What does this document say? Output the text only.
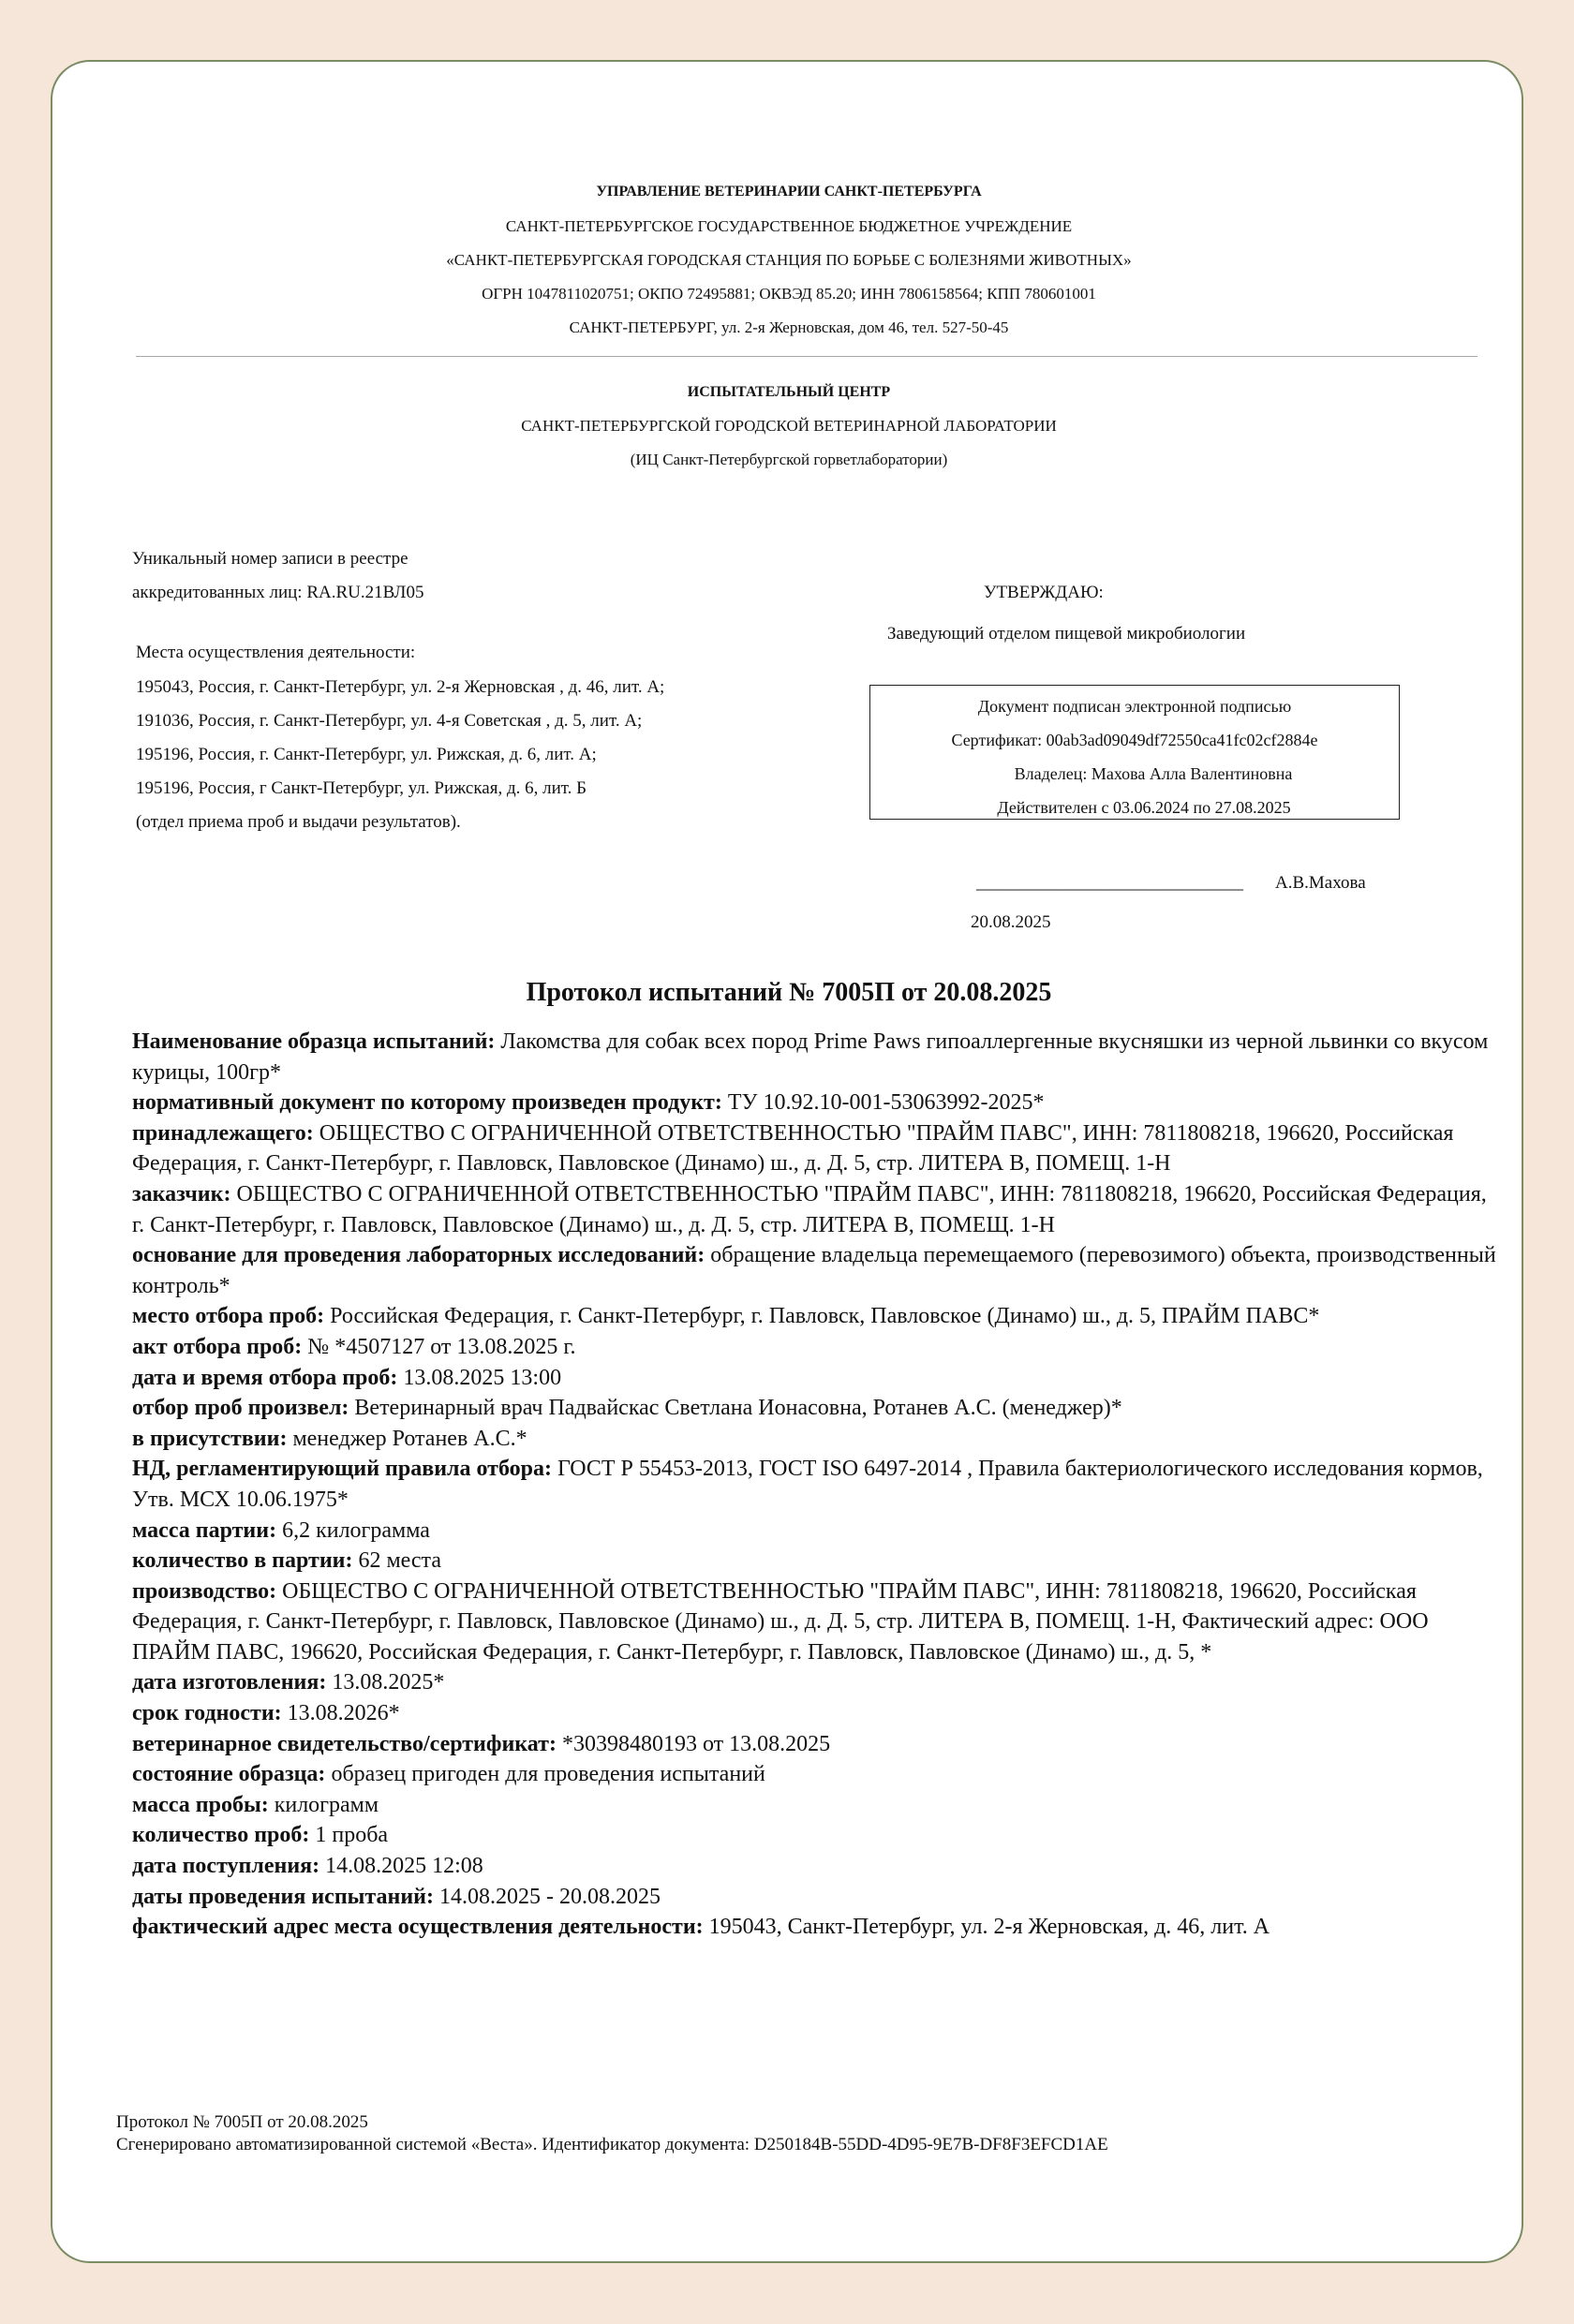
УПРАВЛЕНИЕ ВЕТЕРИНАРИИ САНКТ-ПЕТЕРБУРГА
САНКТ-ПЕТЕРБУРГСКОЕ ГОСУДАРСТВЕННОЕ БЮДЖЕТНОЕ УЧРЕЖДЕНИЕ
«САНКТ-ПЕТЕРБУРГСКАЯ ГОРОДСКАЯ СТАНЦИЯ ПО БОРЬБЕ С БОЛЕЗНЯМИ ЖИВОТНЫХ»
ОГРН 1047811020751; ОКПО 72495881; ОКВЭД 85.20; ИНН 7806158564; КПП 780601001
САНКТ-ПЕТЕРБУРГ, ул. 2-я Жерновская, дом 46, тел. 527-50-45
ИСПЫТАТЕЛЬНЫЙ ЦЕНТР
САНКТ-ПЕТЕРБУРГСКОЙ ГОРОДСКОЙ ВЕТЕРИНАРНОЙ ЛАБОРАТОРИИ
(ИЦ Санкт-Петербургской горветлаборатории)
Уникальный номер записи в реестре
аккредитованных лиц: RA.RU.21ВЛ05
Места осуществления деятельности:
195043, Россия, г. Санкт-Петербург, ул. 2-я Жерновская , д. 46, лит. А;
191036, Россия, г. Санкт-Петербург, ул. 4-я Советская , д. 5, лит. А;
195196, Россия, г. Санкт-Петербург, ул. Рижская, д. 6, лит. А;
195196, Россия, г Санкт-Петербург, ул. Рижская, д. 6, лит. Б
(отдел приема проб и выдачи результатов).
УТВЕРЖДАЮ:
Заведующий отделом пищевой микробиологии
Документ подписан электронной подписью
Сертификат: 00ab3ad09049df72550ca41fc02cf2884e
Владелец: Махова Алла Валентиновна
Действителен с 03.06.2024 по 27.08.2025
______________________________ А.В.Махова
20.08.2025
Протокол испытаний № 7005П от 20.08.2025

Наименование образца испытаний: Лакомства для собак всех пород Prime Paws гипоаллергенные вкусняшки из черной львинки со вкусом курицы, 100гр*

нормативный документ по которому произведен продукт: ТУ 10.92.10-001-53063992-2025*

принадлежащего: ОБЩЕСТВО С ОГРАНИЧЕННОЙ ОТВЕТСТВЕННОСТЬЮ "ПРАЙМ ПАВС", ИНН: 7811808218, 196620, Российская Федерация, г. Санкт-Петербург, г. Павловск, Павловское (Динамо) ш., д. Д. 5, стр. ЛИТЕРА В, ПОМЕЩ. 1-Н

заказчик: ОБЩЕСТВО С ОГРАНИЧЕННОЙ ОТВЕТСТВЕННОСТЬЮ "ПРАЙМ ПАВС", ИНН: 7811808218, 196620, Российская Федерация, г. Санкт-Петербург, г. Павловск, Павловское (Динамо) ш., д. Д. 5, стр. ЛИТЕРА В, ПОМЕЩ. 1-Н

основание для проведения лабораторных исследований: обращение владельца перемещаемого (перевозимого) объекта, производственный контроль*

место отбора проб: Российская Федерация, г. Санкт-Петербург, г. Павловск, Павловское (Динамо) ш., д. 5, ПРАЙМ ПАВС*

акт отбора проб: № *4507127 от 13.08.2025 г.

дата и время отбора проб: 13.08.2025 13:00

отбор проб произвел: Ветеринарный врач Падвайскас Светлана Ионасовна, Ротанев А.С. (менеджер)*

в присутствии: менеджер Ротанев А.С.*

НД, регламентирующий правила отбора: ГОСТ Р 55453-2013, ГОСТ ISO 6497-2014 , Правила бактериологического исследования кормов, Утв. МСХ 10.06.1975*

масса партии: 6,2 килограмма

количество в партии: 62 места

производство: ОБЩЕСТВО С ОГРАНИЧЕННОЙ ОТВЕТСТВЕННОСТЬЮ "ПРАЙМ ПАВС", ИНН: 7811808218, 196620, Российская Федерация, г. Санкт-Петербург, г. Павловск, Павловское (Динамо) ш., д. Д. 5, стр. ЛИТЕРА В, ПОМЕЩ. 1-Н, Фактический адрес: ООО ПРАЙМ ПАВС, 196620, Российская Федерация, г. Санкт-Петербург, г. Павловск, Павловское (Динамо) ш., д. 5, *

дата изготовления: 13.08.2025*

срок годности: 13.08.2026*

ветеринарное свидетельство/сертификат: *30398480193 от 13.08.2025

состояние образца: образец пригоден для проведения испытаний

масса пробы: килограмм

количество проб: 1 проба

дата поступления: 14.08.2025 12:08

даты проведения испытаний: 14.08.2025 - 20.08.2025

фактический адрес места осуществления деятельности: 195043, Санкт-Петербург, ул. 2-я Жерновская, д. 46, лит. А

Протокол № 7005П от 20.08.2025
Сгенерировано автоматизированной системой «Веста». Идентификатор документа: D250184B-55DD-4D95-9E7B-DF8F3EFCD1AE
